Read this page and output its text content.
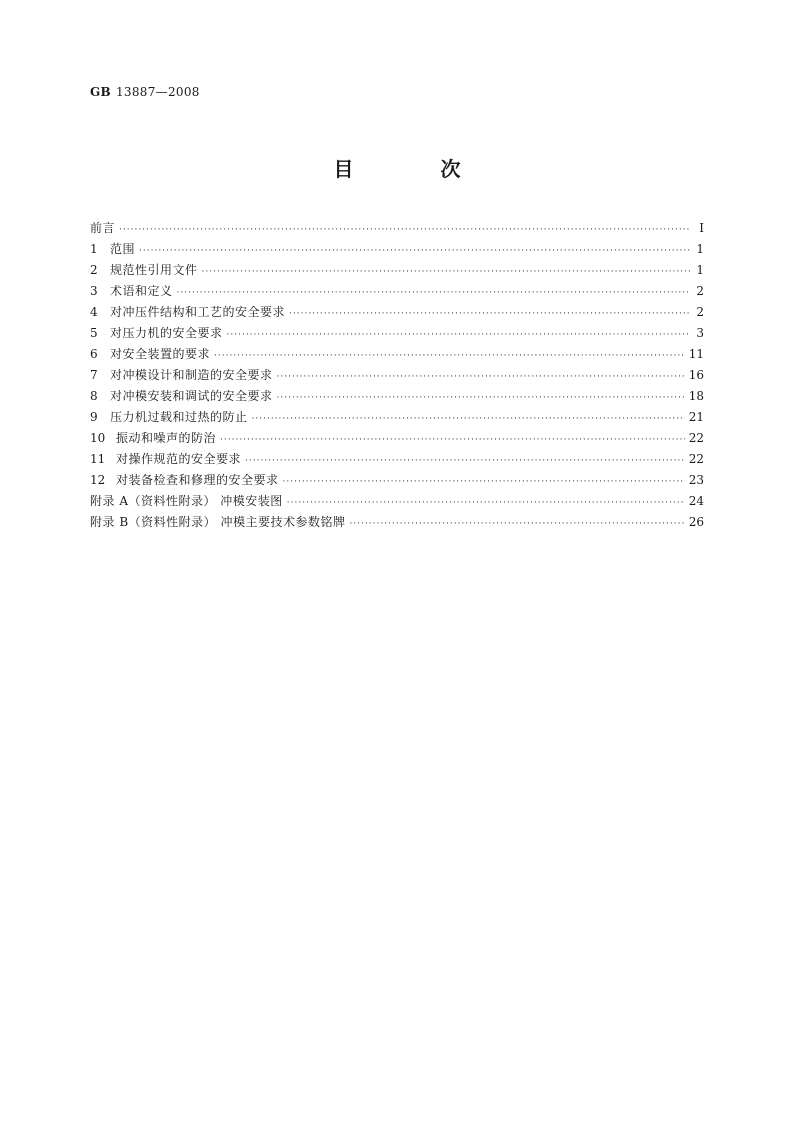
GB 13887—2008
目 次
前言 ·····	Ⅰ
1	范围 ·····	1
2	规范性引用文件 ·····	1
3	术语和定义 ·····	2
4	对冲压件结构和工艺的安全要求 ·····	2
5	对压力机的安全要求 ·····	3
6	对安全装置的要求 ·····	11
7	对冲模设计和制造的安全要求 ·····	16
8	对冲模安装和调试的安全要求 ·····	18
9	压力机过载和过热的防止 ·····	21
10 振动和噪声的防治 ·····	22
11 对操作规范的安全要求 ·····	22
12 对装备检查和修理的安全要求 ·····	23
附录 A（资料性附录） 冲模安装图 ·····	24
附录 B（资料性附录） 冲模主要技术参数铭牌 ·····	26
